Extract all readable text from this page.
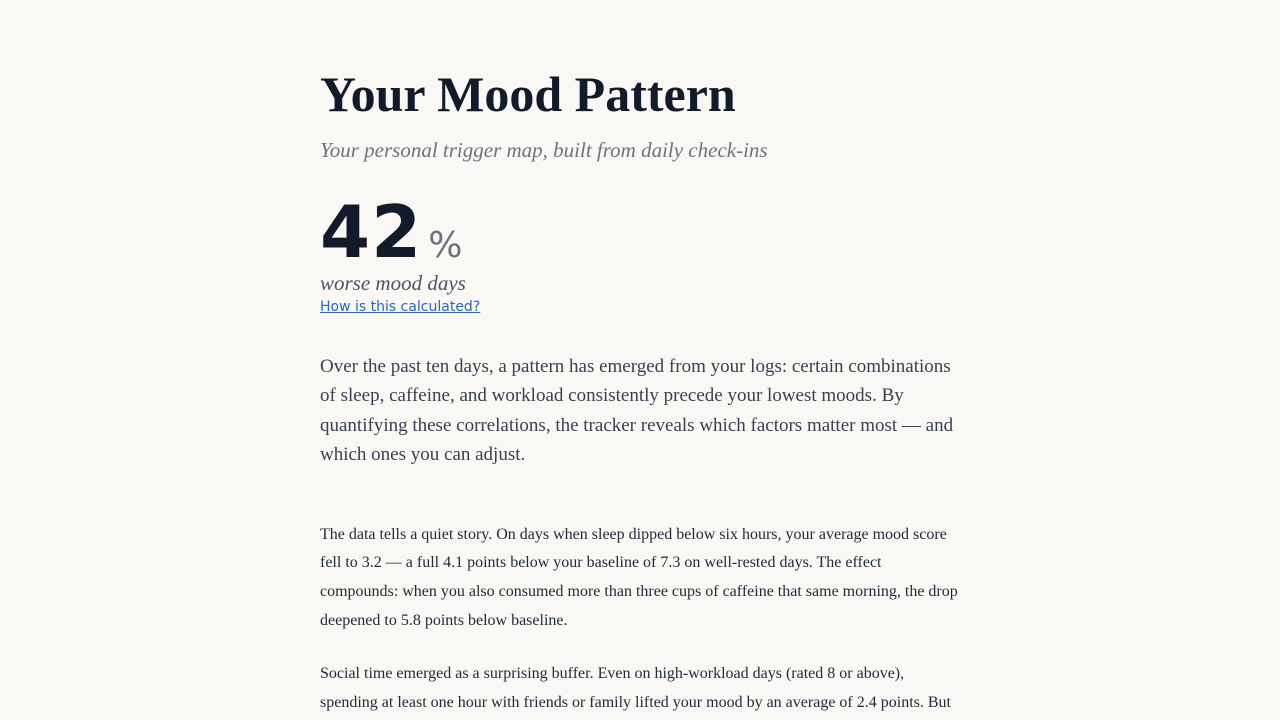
Your Mood Pattern
Your personal trigger map, built from daily check-ins
42 %
worse mood days
How is this calculated?
Over the past ten days, a pattern has emerged from your logs: certain combinations of sleep, caffeine, and workload consistently precede your lowest moods. By quantifying these correlations, the tracker reveals which factors matter most — and which ones you can adjust.

The data tells a quiet story. On days when sleep dipped below six hours, your average mood score fell to 3.2 — a full 4.1 points below your baseline of 7.3 on well-rested days. The effect compounds: when you also consumed more than three cups of caffeine that same morning, the drop deepened to 5.8 points below baseline.

Social time emerged as a surprising buffer. Even on high-workload days (rated 8 or above), spending at least one hour with friends or family lifted your mood by an average of 2.4 points. But
